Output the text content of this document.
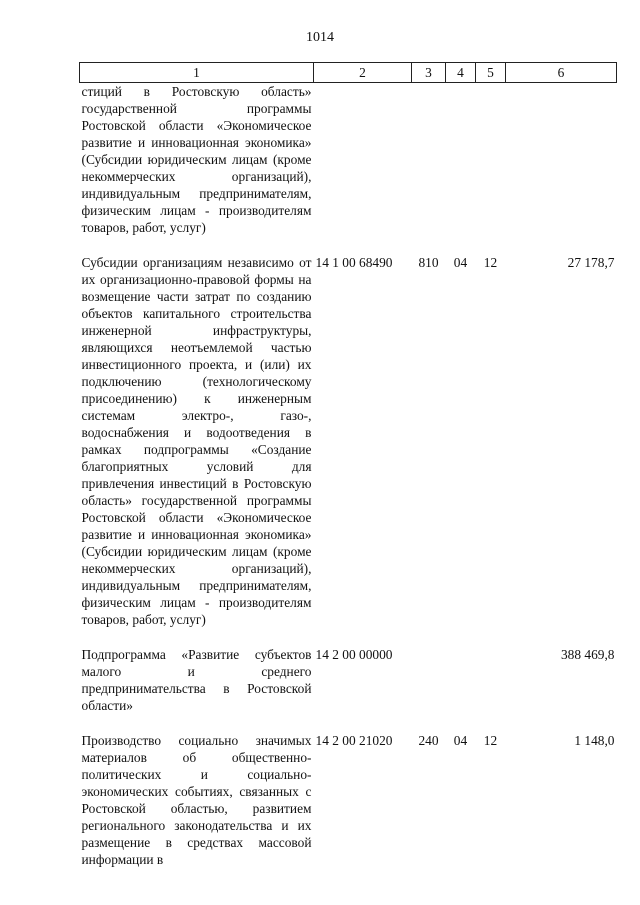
1014
1	2	3	4	5	6

стиций в Ростовскую область» государственной программы Ростовской области «Экономическое развитие и инновационная экономика» (Субсидии юридическим лицам (кроме некоммерческих организаций), индивидуальным предпринимателям, физическим лицам - производителям товаров, работ, услуг)					

Субсидии организациям независимо от их организационно-правовой формы на возмещение части затрат по созданию объектов капитального строительства инженерной инфраструктуры, являющихся неотъемлемой частью инвестиционного проекта, и (или) их подключению (технологическому присоединению) к инженерным системам электро-, газо-, водоснабжения и водоотведения в рамках подпрограммы «Создание благоприятных условий для привлечения инвестиций в Ростовскую область» государственной программы Ростовской области «Экономическое развитие и инновационная экономика» (Субсидии юридическим лицам (кроме некоммерческих организаций), индивидуальным предпринимателям, физическим лицам - производителям товаров, работ, услуг)	14 1 00 68490	810	04	12	27 178,7

Подпрограмма «Развитие субъектов малого и среднего предпринимательства в Ростовской области»	14 2 00 00000				388 469,8

Производство социально значимых материалов об общественно-политических и социально-экономических событиях, связанных с Ростовской областью, развитием регионального законодательства и их размещение в средствах массовой информации в	14 2 00 21020	240	04	12	1 148,0
